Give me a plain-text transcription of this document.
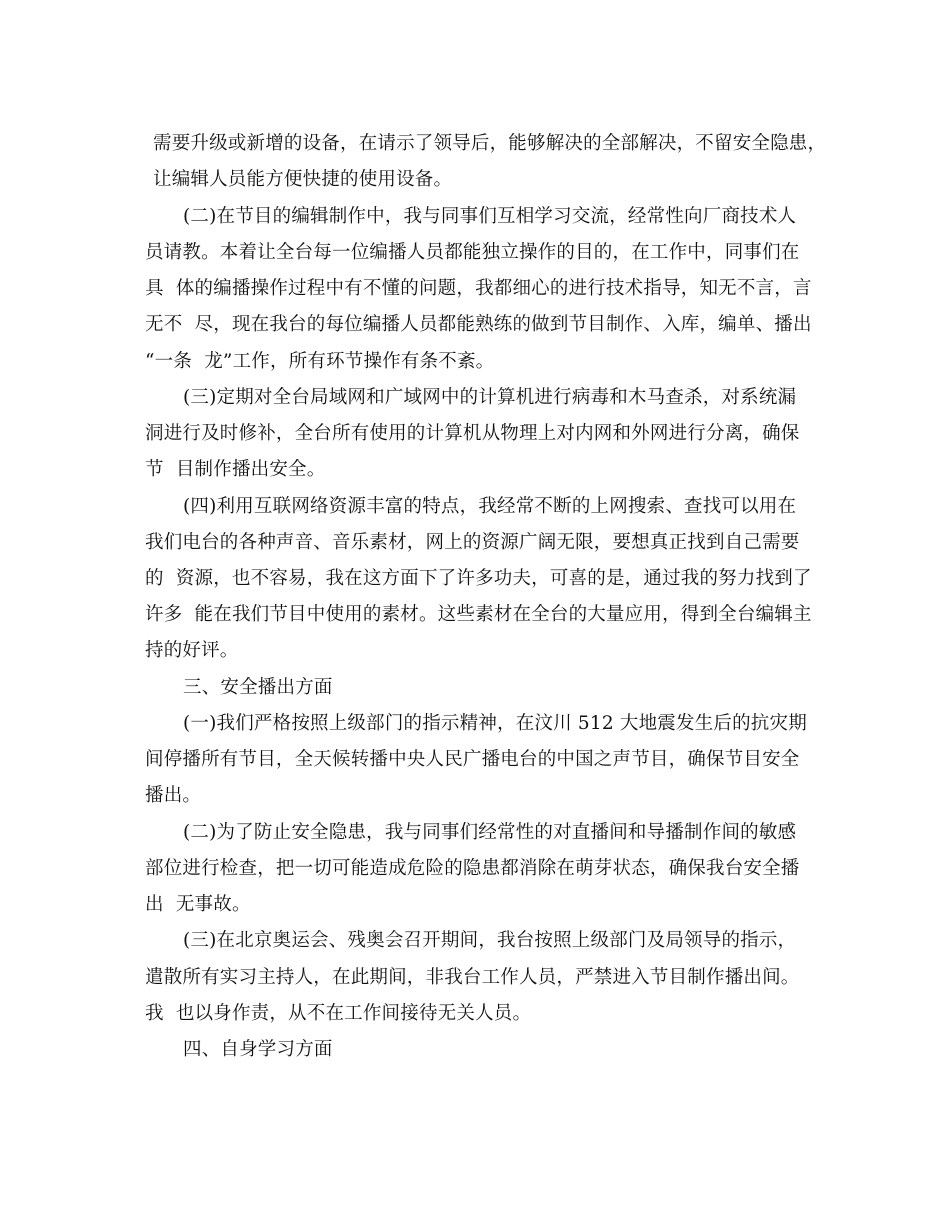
需要升级或新增的设备，在请示了领导后，能够解决的全部解决，不留安全隐患，
让编辑人员能方便快捷的使用设备。
(二)在节目的编辑制作中，我与同事们互相学习交流，经常性向厂商技术人
员请教。本着让全台每一位编播人员都能独立操作的目的，在工作中，同事们在
具  体的编播操作过程中有不懂的问题，我都细心的进行技术指导，知无不言，言
无不  尽，现在我台的每位编播人员都能熟练的做到节目制作、入库，编单、播出
“一条  龙”工作，所有环节操作有条不紊。
(三)定期对全台局域网和广域网中的计算机进行病毒和木马查杀，对系统漏
洞进行及时修补，全台所有使用的计算机从物理上对内网和外网进行分离，确保
节  目制作播出安全。
(四)利用互联网络资源丰富的特点，我经常不断的上网搜索、查找可以用在
我们电台的各种声音、音乐素材，网上的资源广阔无限，要想真正找到自己需要
的  资源，也不容易，我在这方面下了许多功夫，可喜的是，通过我的努力找到了
许多  能在我们节目中使用的素材。这些素材在全台的大量应用，得到全台编辑主
持的好评。
三、安全播出方面
(一)我们严格按照上级部门的指示精神，在汶川 512 大地震发生后的抗灾期
间停播所有节目，全天候转播中央人民广播电台的中国之声节目，确保节目安全
播出。
(二)为了防止安全隐患，我与同事们经常性的对直播间和导播制作间的敏感
部位进行检查，把一切可能造成危险的隐患都消除在萌芽状态，确保我台安全播
出  无事故。
(三)在北京奥运会、残奥会召开期间，我台按照上级部门及局领导的指示，
遣散所有实习主持人，在此期间，非我台工作人员，严禁进入节目制作播出间。
我  也以身作责，从不在工作间接待无关人员。
四、自身学习方面
